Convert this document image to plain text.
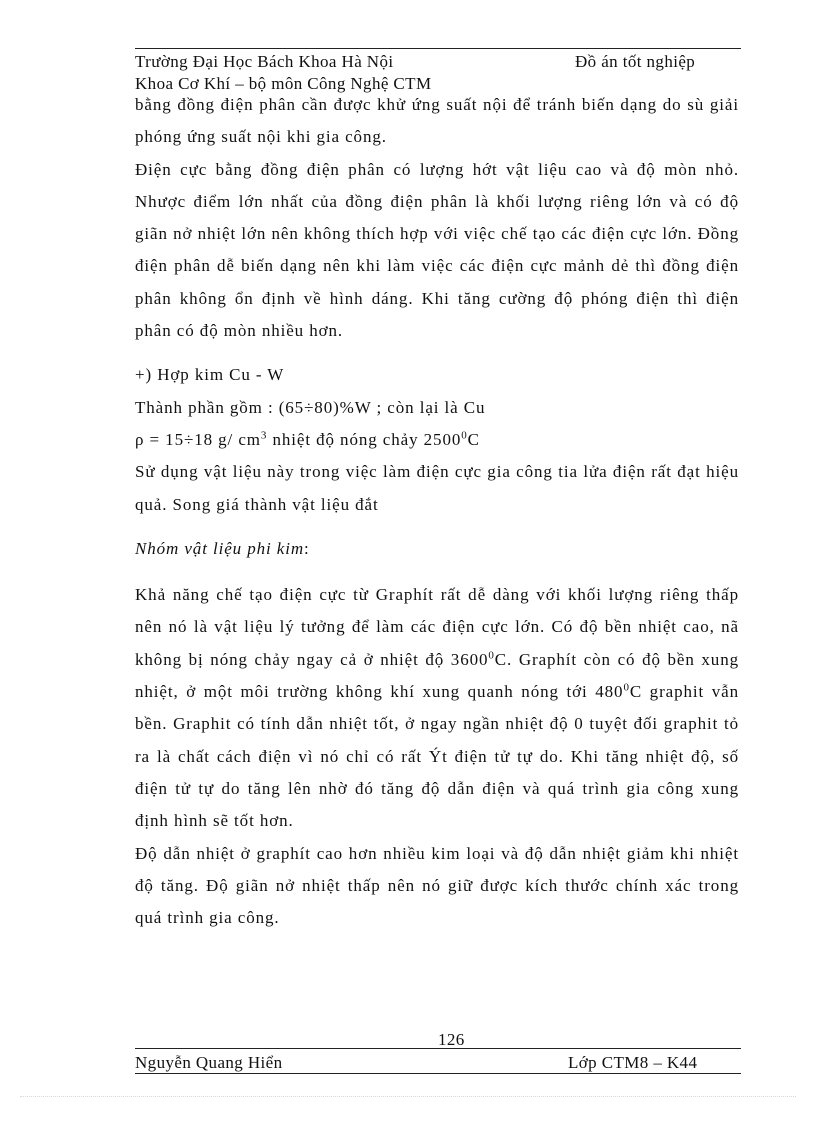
Trường Đại Học Bách Khoa Hà Nội	Đồ án tốt nghiệp
Khoa Cơ Khí – bộ môn Công Nghệ CTM

bằng đồng điện phân cần được khử ứng suất nội để tránh biến dạng do sù giải phóng ứng suất nội khi gia công.

Điện cực bằng đồng điện phân có lượng hớt vật liệu cao và độ mòn nhỏ. Nhược điểm lớn nhất của đồng điện phân là khối lượng riêng lớn và có độ giãn nở nhiệt lớn nên không thích hợp với việc chế tạo các điện cực lớn. Đồng điện phân dễ biến dạng nên khi làm việc các điện cực mảnh dẻ thì đồng điện phân không ổn định về hình dáng. Khi tăng cường độ phóng điện thì điện phân có độ mòn nhiều hơn.

+) Hợp kim Cu - W

Thành phần gồm : (65÷80)%W ; còn lại là Cu

ρ = 15÷18 g/ $cm^3$ nhiệt độ nóng chảy 2500$^0$C

Sử dụng vật liệu này trong việc làm điện cực gia công tia lửa điện rất đạt hiệu quả. Song giá thành vật liệu đắt

Nhóm vật liệu phi kim:

Khả năng chế tạo điện cực từ Graphít rất dễ dàng với khối lượng riêng thấp nên nó là vật liệu lý tưởng để làm các điện cực lớn. Có độ bền nhiệt cao, nã không bị nóng chảy ngay cả ở nhiệt độ 3600$^0$C. Graphít còn có độ bền xung nhiệt, ở một môi trường không khí xung quanh nóng tới $480^0C$ graphit vẫn bền. Graphit có tính dẫn nhiệt tốt, ở ngay ngần nhiệt độ 0 tuyệt đối graphit tỏ ra là chất cách điện vì nó chỉ có rất Ýt điện tử tự do. Khi tăng nhiệt độ, số điện tử tự do tăng lên nhờ đó tăng độ dẫn điện và quá trình gia công xung định hình sẽ tốt hơn.

Độ dẫn nhiệt ở graphít cao hơn nhiều kim loại và độ dẫn nhiệt giảm khi nhiệt độ tăng. Độ giãn nở nhiệt thấp nên nó giữ được kích thước chính xác trong quá trình gia công.

126
Nguyễn Quang Hiển	Lớp CTM8 – K44
